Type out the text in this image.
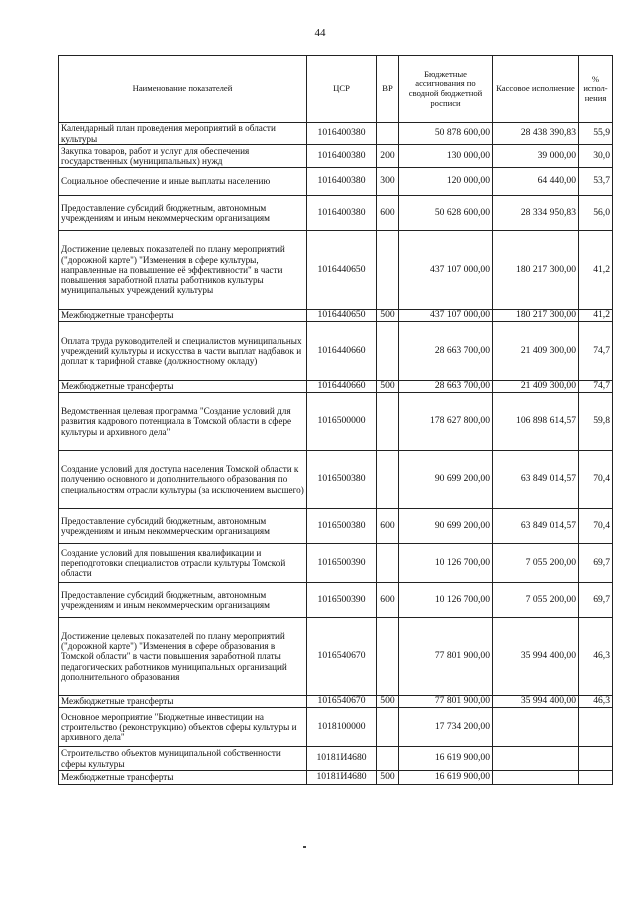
44
Наименование показателей	ЦСР	ВР	Бюджетные ассигнования по сводной бюджетной росписи	Кассовое исполнение	% испол-нения
Календарный план проведения мероприятий в области культуры	1016400380		50 878 600,00	28 438 390,83	55,9
Закупка товаров, работ и услуг для обеспечения государственных (муниципальных) нужд	1016400380	200	130 000,00	39 000,00	30,0
Социальное обеспечение и иные выплаты населению	1016400380	300	120 000,00	64 440,00	53,7
Предоставление субсидий бюджетным, автономным учреждениям и иным некоммерческим организациям	1016400380	600	50 628 600,00	28 334 950,83	56,0
Достижение целевых показателей по плану мероприятий ("дорожной карте") "Изменения в сфере культуры, направленные на повышение её эффективности" в части повышения заработной платы работников культуры муниципальных учреждений культуры	1016440650		437 107 000,00	180 217 300,00	41,2
Межбюджетные трансферты	1016440650	500	437 107 000,00	180 217 300,00	41,2
Оплата труда руководителей и специалистов муниципальных учреждений культуры и искусства в части выплат надбавок и доплат к тарифной ставке (должностному окладу)	1016440660		28 663 700,00	21 409 300,00	74,7
Межбюджетные трансферты	1016440660	500	28 663 700,00	21 409 300,00	74,7
Ведомственная целевая программа "Создание условий для развития кадрового потенциала в Томской области в сфере культуры и архивного дела"	1016500000		178 627 800,00	106 898 614,57	59,8
Создание условий для доступа населения Томской области к получению основного и дополнительного образования по специальностям отрасли культуры (за исключением высшего)	1016500380		90 699 200,00	63 849 014,57	70,4
Предоставление субсидий бюджетным, автономным учреждениям и иным некоммерческим организациям	1016500380	600	90 699 200,00	63 849 014,57	70,4
Создание условий для повышения квалификации и переподготовки специалистов отрасли культуры Томской области	1016500390		10 126 700,00	7 055 200,00	69,7
Предоставление субсидий бюджетным, автономным учреждениям и иным некоммерческим организациям	1016500390	600	10 126 700,00	7 055 200,00	69,7
Достижение целевых показателей по плану мероприятий ("дорожной карте") "Изменения в сфере образования в Томской области" в части повышения заработной платы педагогических работников муниципальных организаций дополнительного образования	1016540670		77 801 900,00	35 994 400,00	46,3
Межбюджетные трансферты	1016540670	500	77 801 900,00	35 994 400,00	46,3
Основное мероприятие "Бюджетные инвестиции на строительство (реконструкцию) объектов сферы культуры и архивного дела"	1018100000		17 734 200,00		
Строительство объектов муниципальной собственности сферы культуры	10181И4680		16 619 900,00		
Межбюджетные трансферты	10181И4680	500	16 619 900,00		
